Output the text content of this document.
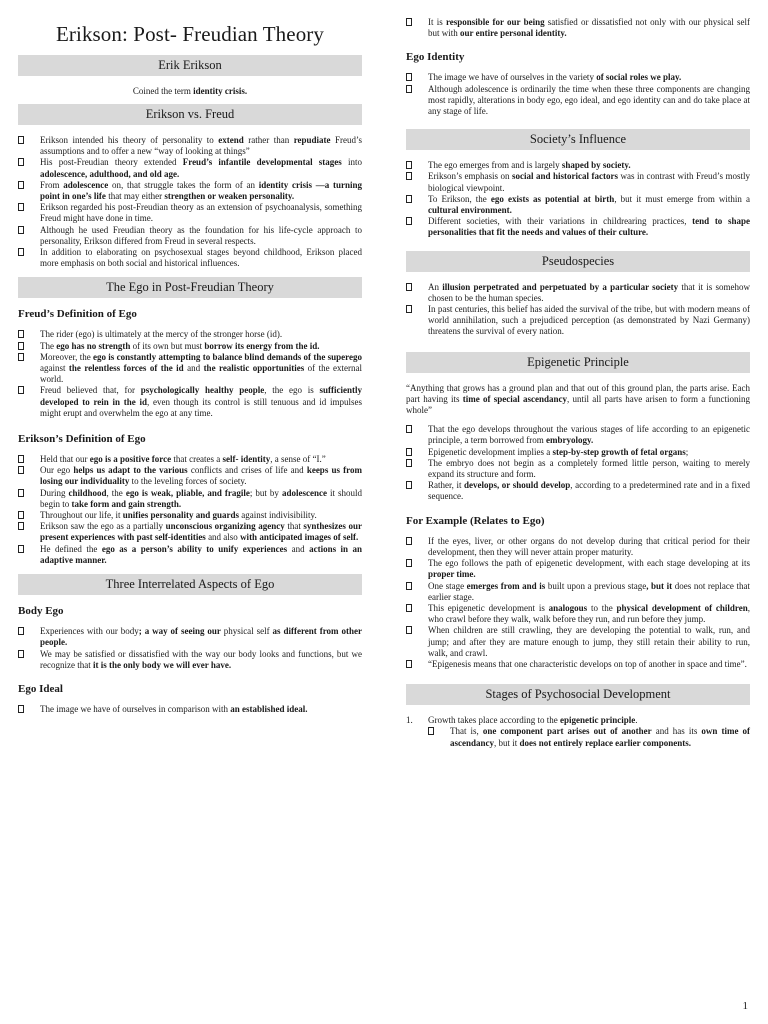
Erikson: Post- Freudian Theory
Erik Erikson

Coined the term identity crisis.

Erikson vs. Freud
Erikson intended his theory of personality to extend rather than repudiate Freud’s assumptions and to offer a new “way of looking at things”
His post-Freudian theory extended Freud’s infantile developmental stages into adolescence, adulthood, and old age.
From adolescence on, that struggle takes the form of an identity crisis —a turning point in one’s life that may either strengthen or weaken personality.
Erikson regarded his post-Freudian theory as an extension of psychoanalysis, something Freud might have done in time.
Although he used Freudian theory as the foundation for his life-cycle approach to personality, Erikson differed from Freud in several respects.
In addition to elaborating on psychosexual stages beyond childhood, Erikson placed more emphasis on both social and historical influences.
The Ego in Post-Freudian Theory
Freud’s Definition of Ego
The rider (ego) is ultimately at the mercy of the stronger horse (id).
The ego has no strength of its own but must borrow its energy from the id.
Moreover, the ego is constantly attempting to balance blind demands of the superego against the relentless forces of the id and the realistic opportunities of the external world.
Freud believed that, for psychologically healthy people, the ego is sufficiently developed to rein in the id, even though its control is still tenuous and id impulses might erupt and overwhelm the ego at any time.
Erikson’s Definition of Ego
Held that our ego is a positive force that creates a self- identity, a sense of “I.”
Our ego helps us adapt to the various conflicts and crises of life and keeps us from losing our individuality to the leveling forces of society.
During childhood, the ego is weak, pliable, and fragile; but by adolescence it should begin to take form and gain strength.
Throughout our life, it unifies personality and guards against indivisibility.
Erikson saw the ego as a partially unconscious organizing agency that synthesizes our present experiences with past self-identities and also with anticipated images of self.
He defined the ego as a person’s ability to unify experiences and actions in an adaptive manner.
Three Interrelated Aspects of Ego
Body Ego
Experiences with our body; a way of seeing our physical self as different from other people.
We may be satisfied or dissatisfied with the way our body looks and functions, but we recognize that it is the only body we will ever have.
Ego Ideal
The image we have of ourselves in comparison with an established ideal.
It is responsible for our being satisfied or dissatisfied not only with our physical self but with our entire personal identity.
Ego Identity
The image we have of ourselves in the variety of social roles we play.
Although adolescence is ordinarily the time when these three components are changing most rapidly, alterations in body ego, ego ideal, and ego identity can and do take place at any stage of life.
Society’s Influence
The ego emerges from and is largely shaped by society.
Erikson’s emphasis on social and historical factors was in contrast with Freud’s mostly biological viewpoint.
To Erikson, the ego exists as potential at birth, but it must emerge from within a cultural environment.
Different societies, with their variations in childrearing practices, tend to shape personalities that fit the needs and values of their culture.
Pseudospecies
An illusion perpetrated and perpetuated by a particular society that it is somehow chosen to be the human species.
In past centuries, this belief has aided the survival of the tribe, but with modern means of world annihilation, such a prejudiced perception (as demonstrated by Nazi Germany) threatens the survival of every nation.
Epigenetic Principle

“Anything that grows has a ground plan and that out of this ground plan, the parts arise. Each part having its time of special ascendancy, until all parts have arisen to form a functioning whole”

That the ego develops throughout the various stages of life according to an epigenetic principle, a term borrowed from embryology.
Epigenetic development implies a step-by-step growth of fetal organs;
The embryo does not begin as a completely formed little person, waiting to merely expand its structure and form.
Rather, it develops, or should develop, according to a predetermined rate and in a fixed sequence.
For Example (Relates to Ego)
If the eyes, liver, or other organs do not develop during that critical period for their development, then they will never attain proper maturity.
The ego follows the path of epigenetic development, with each stage developing at its proper time.
One stage emerges from and is built upon a previous stage, but it does not replace that earlier stage.
This epigenetic development is analogous to the physical development of children, who crawl before they walk, walk before they run, and run before they jump.
When children are still crawling, they are developing the potential to walk, run, and jump; and after they are mature enough to jump, they still retain their ability to run, walk, and crawl.
“Epigenesis means that one characteristic develops on top of another in space and time”.
Stages of Psychosocial Development
1. Growth takes place according to the epigenetic principle.
That is, one component part arises out of another and has its own time of ascendancy, but it does not entirely replace earlier components.
1
